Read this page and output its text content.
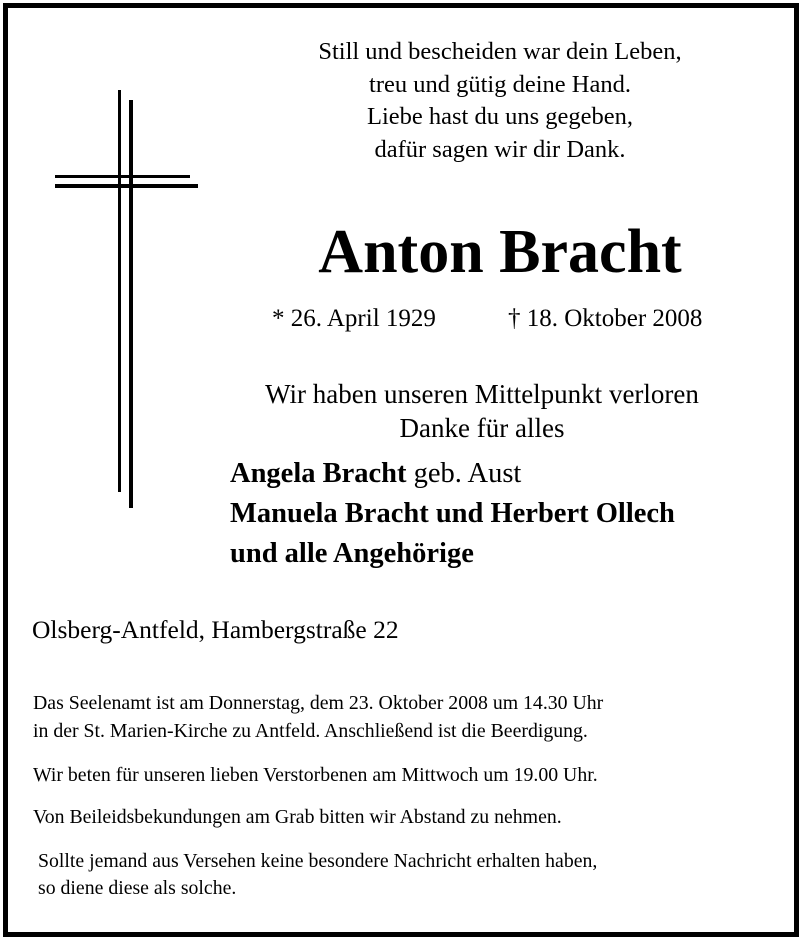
Still und bescheiden war dein Leben,
treu und gütig deine Hand.
Liebe hast du uns gegeben,
dafür sagen wir dir Dank.
Anton Bracht
* 26. April 1929	† 18. Oktober 2008
Wir haben unseren Mittelpunkt verloren
Danke für alles
Angela Bracht geb. Aust
Manuela Bracht und Herbert Ollech
und alle Angehörige
Olsberg-Antfeld, Hambergstraße 22
Das Seelenamt ist am Donnerstag, dem 23. Oktober 2008 um 14.30 Uhr
in der St. Marien-Kirche zu Antfeld. Anschließend ist die Beerdigung.
Wir beten für unseren lieben Verstorbenen am Mittwoch um 19.00 Uhr.
Von Beileidsbekundungen am Grab bitten wir Abstand zu nehmen.
Sollte jemand aus Versehen keine besondere Nachricht erhalten haben,
so diene diese als solche.
